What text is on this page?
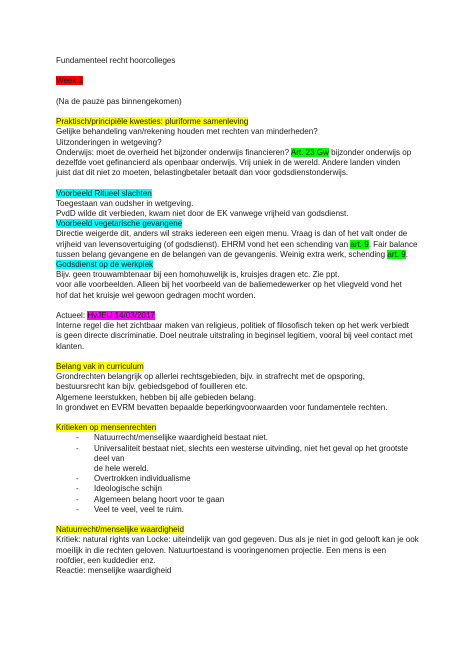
Fundamenteel recht hoorcolleges

Week 1

(Na de pauze pas binnengekomen)

Praktisch/principiële kwesties: pluriforme samenleving

Gelijke behandeling van/rekening houden met rechten van minderheden?

Uitzonderingen in wetgeving?

Onderwijs: moet de overheid het bijzonder onderwijs financieren? Art. 23 Gw bijzonder onderwijs op

dezelfde voet gefinancierd als openbaar onderwijs. Vrij uniek in de wereld. Andere landen vinden

juist dat dit niet zo moeten, belastingbetaler betaalt dan voor godsdienstonderwijs.

Voorbeeld Ritueel slachten

Toegestaan van oudsher in wetgeving.

PvdD wilde dit verbieden, kwam niet door de EK vanwege vrijheid van godsdienst.

Voorbeeld vegetarische gevangene

Directie weigerde dit, anders wil straks iedereen een eigen menu. Vraag is dan of het valt onder de

vrijheid van levensovertuiging (of godsdienst). EHRM vond het een schending van art. 9. Fair balance

tussen belang gevangene en de belangen van de gevangenis. Weinig extra werk, schending art. 9.

Godsdienst op de werkplek

Bijv. geen trouwambtenaar bij een homohuwelijk is, kruisjes dragen etc. Zie ppt.

voor alle voorbeelden. Alleen bij het voorbeeld van de baliemedewerker op het vliegveld vond het

hof dat het kruisje wel gewoon gedragen mocht worden.

Actueel: HvJEU 14/03/2017

Interne regel die het zichtbaar maken van religieus, politiek of filosofisch teken op het werk verbiedt

is geen directe discriminatie. Doel neutrale uitstraling in beginsel legitiem, vooral bij veel contact met

klanten.

Belang vak in curriculum

Grondrechten belangrijk op allerlei rechtsgebieden, bijv. in strafrecht met de opsporing,

bestuursrecht kan bijv. gebiedsgebod of fouilleren etc.

Algemene leerstukken, hebben bij alle gebieden belang.

In grondwet en EVRM bevatten bepaalde beperkingvoorwaarden voor fundamentele rechten.

Kritieken op mensenrechten

- Natuurrecht/menselijke waardigheid bestaat niet.
- Universaliteit bestaat niet, slechts een westerse uitvinding, niet het geval op het grootste deel van
de hele wereld.
- Overtrokken individualisme
- Ideologische schijn
- Algemeen belang hoort voor te gaan
- Veel te veel, veel te ruim.

Natuurrecht/menselijke waardigheid

Kritiek: natural rights van Locke: uiteindelijk van god gegeven. Dus als je niet in god gelooft kan je ook

moeilijk in die rechten geloven. Natuurtoestand is vooringenomen projectie. Een mens is een

roofdier, een kuddedier enz.

Reactie: menselijke waardigheid
